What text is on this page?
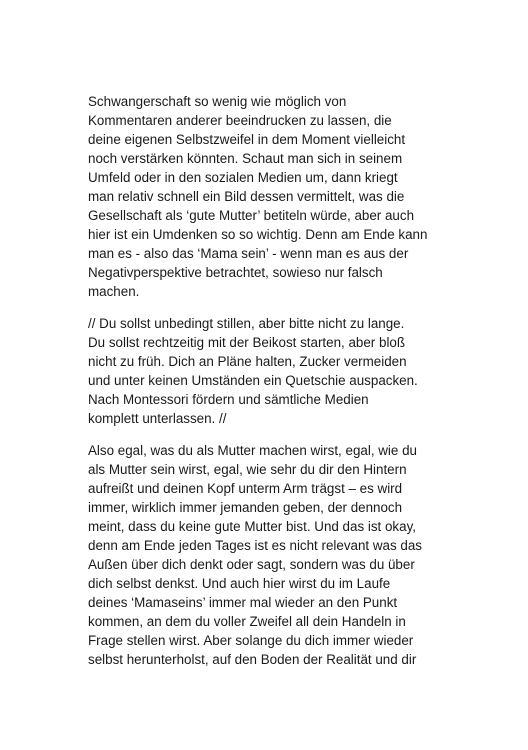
Schwangerschaft so wenig wie möglich von
Kommentaren anderer beeindrucken zu lassen, die
deine eigenen Selbstzweifel in dem Moment vielleicht
noch verstärken könnten. Schaut man sich in seinem
Umfeld oder in den sozialen Medien um, dann kriegt
man relativ schnell ein Bild dessen vermittelt, was die
Gesellschaft als ‘gute Mutter’ betiteln würde, aber auch
hier ist ein Umdenken so so wichtig. Denn am Ende kann
man es - also das ‘Mama sein’ - wenn man es aus der
Negativperspektive betrachtet, sowieso nur falsch
machen.

// Du sollst unbedingt stillen, aber bitte nicht zu lange.
Du sollst rechtzeitig mit der Beikost starten, aber bloß
nicht zu früh. Dich an Pläne halten, Zucker vermeiden
und unter keinen Umständen ein Quetschie auspacken.
Nach Montessori fördern und sämtliche Medien
komplett unterlassen. //

Also egal, was du als Mutter machen wirst, egal, wie du
als Mutter sein wirst, egal, wie sehr du dir den Hintern
aufreißt und deinen Kopf unterm Arm trägst – es wird
immer, wirklich immer jemanden geben, der dennoch
meint, dass du keine gute Mutter bist. Und das ist okay,
denn am Ende jeden Tages ist es nicht relevant was das
Außen über dich denkt oder sagt, sondern was du über
dich selbst denkst. Und auch hier wirst du im Laufe
deines ‘Mamaseins’ immer mal wieder an den Punkt
kommen, an dem du voller Zweifel all dein Handeln in
Frage stellen wirst. Aber solange du dich immer wieder
selbst herunterholst, auf den Boden der Realität und dir
